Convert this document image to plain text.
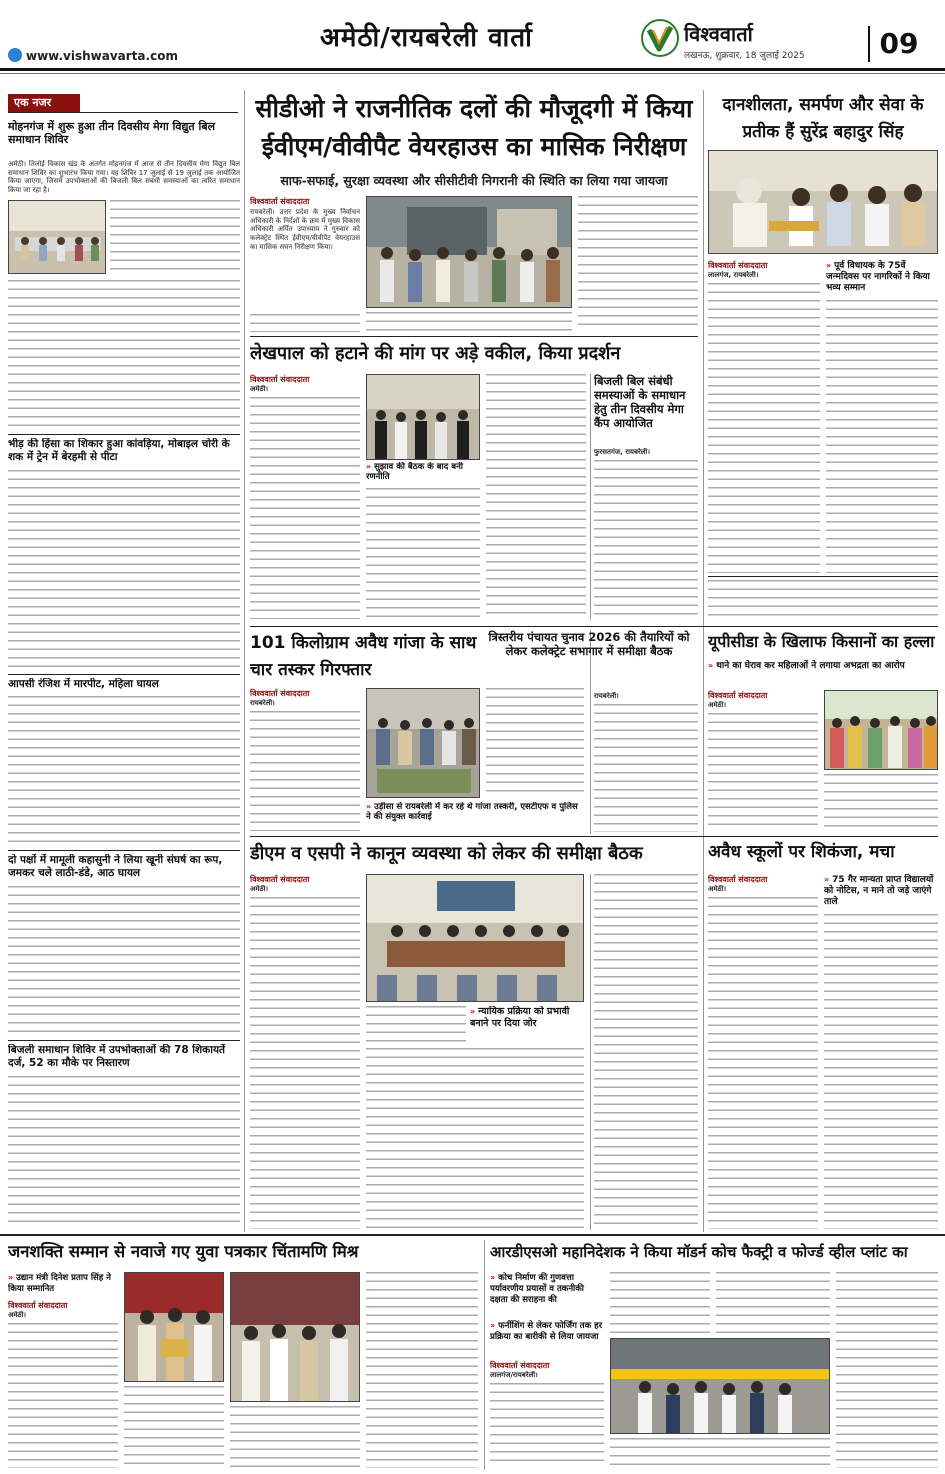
अमेठी/रायबरेली वार्ता	विश्ववार्ता
लखनऊ, शुक्रवार, 18 जुलाई 2025	09
www.vishwavarta.com
एक नजर
मोहनगंज में शुरू हुआ तीन दिवसीय मेगा विद्युत बिल समाधान शिविर
अमेठी। तिलोई विकास खंड के अंतर्गत मोहनगंज में आज से तीन दिवसीय मेगा विद्युत बिल समाधान शिविर का शुभारंभ किया गया। यह शिविर 17 जुलाई से 19 जुलाई तक आयोजित किया जाएगा, जिसमें उपभोक्ताओं की बिजली बिल संबंधी समस्याओं का त्वरित समाधान किया जा रहा है।
भीड़ की हिंसा का शिकार हुआ कांवड़िया, मोबाइल चोरी के शक में ट्रेन में बेरहमी से पीटा
आपसी रंजिश में मारपीट, महिला घायल
दो पक्षों में मामूली कहासुनी ने लिया खूनी संघर्ष का रूप, जमकर चले लाठी-डंडे, आठ घायल
बिजली समाधान शिविर में उपभोक्ताओं की 78 शिकायतें दर्ज, 52 का मौके पर निस्तारण
सीडीओ ने राजनीतिक दलों की मौजूदगी में किया ईवीएम/वीवीपैट वेयरहाउस का मासिक निरीक्षण
साफ-सफाई, सुरक्षा व्यवस्था और सीसीटीवी निगरानी की स्थिति का लिया गया जायजा
विश्ववार्ता संवाददाता
रायबरेली। उत्तर प्रदेश के मुख्य निर्वाचन अधिकारी के निर्देशों के क्रम में मुख्य विकास अधिकारी अर्पित उपाध्याय ने गुरुवार को कलेक्ट्रेट स्थित ईवीएम/वीवीपैट वेयरहाउस का मासिक सघन निरीक्षण किया।
दानशीलता, समर्पण और सेवा के प्रतीक हैं सुरेंद्र बहादुर सिंह
विश्ववार्ता संवाददाता
लालगंज, रायबरेली।
» पूर्व विधायक के 75वें जन्मदिवस पर नागरिकों ने किया भव्य सम्मान
लेखपाल को हटाने की मांग पर अड़े वकील, किया प्रदर्शन
विश्ववार्ता संवाददाता
अमेठी।
» सुझाव की बैठक के बाद बनी रणनीति
बिजली बिल संबंधी समस्याओं के समाधान हेतु तीन दिवसीय मेगा कैंप आयोजित
फुरसतगंज, रायबरेली।
101 किलोग्राम अवैध गांजा के साथ चार तस्कर गिरफ्तार
विश्ववार्ता संवाददाता
रायबरेली।
» उड़ीसा से रायबरेली में कर रहे थे गांजा तस्करी, एसटीएफ व पुलिस ने की संयुक्त कार्रवाई
त्रिस्तरीय पंचायत चुनाव 2026 की तैयारियों को लेकर कलेक्ट्रेट सभागार में समीक्षा बैठक
रायबरेली।
यूपीसीडा के खिलाफ किसानों का हल्ला
» थाने का घेराव कर महिलाओं ने लगाया अभद्रता का आरोप
विश्ववार्ता संवाददाता
अमेठी।
डीएम व एसपी ने कानून व्यवस्था को लेकर की समीक्षा बैठक
विश्ववार्ता संवाददाता
अमेठी।
» न्यायिक प्रक्रिया को प्रभावी बनाने पर दिया जोर
अवैध स्कूलों पर शिकंजा, मचा
विश्ववार्ता संवाददाता
अमेठी।
» 75 गैर मान्यता प्राप्त विद्यालयों को नोटिस, न माने तो जड़े जाएंगे ताले
जनशक्ति सम्मान से नवाजे गए युवा पत्रकार चिंतामणि मिश्र
» उद्यान मंत्री दिनेश प्रताप सिंह ने किया सम्मानित
विश्ववार्ता संवाददाता
अमेठी।
आरडीएसओ महानिदेशक ने किया मॉडर्न कोच फैक्ट्री व फोर्ज्ड व्हील प्लांट का
» कोच निर्माण की गुणवत्ता पर्यावरणीय प्रयासों व तकनीकी दक्षता की सराहना की
» फर्नीशिंग से लेकर फोर्जिंग तक हर प्रक्रिया का बारीकी से लिया जायजा
विश्ववार्ता संवाददाता
लालगंज/रायबरेली।
